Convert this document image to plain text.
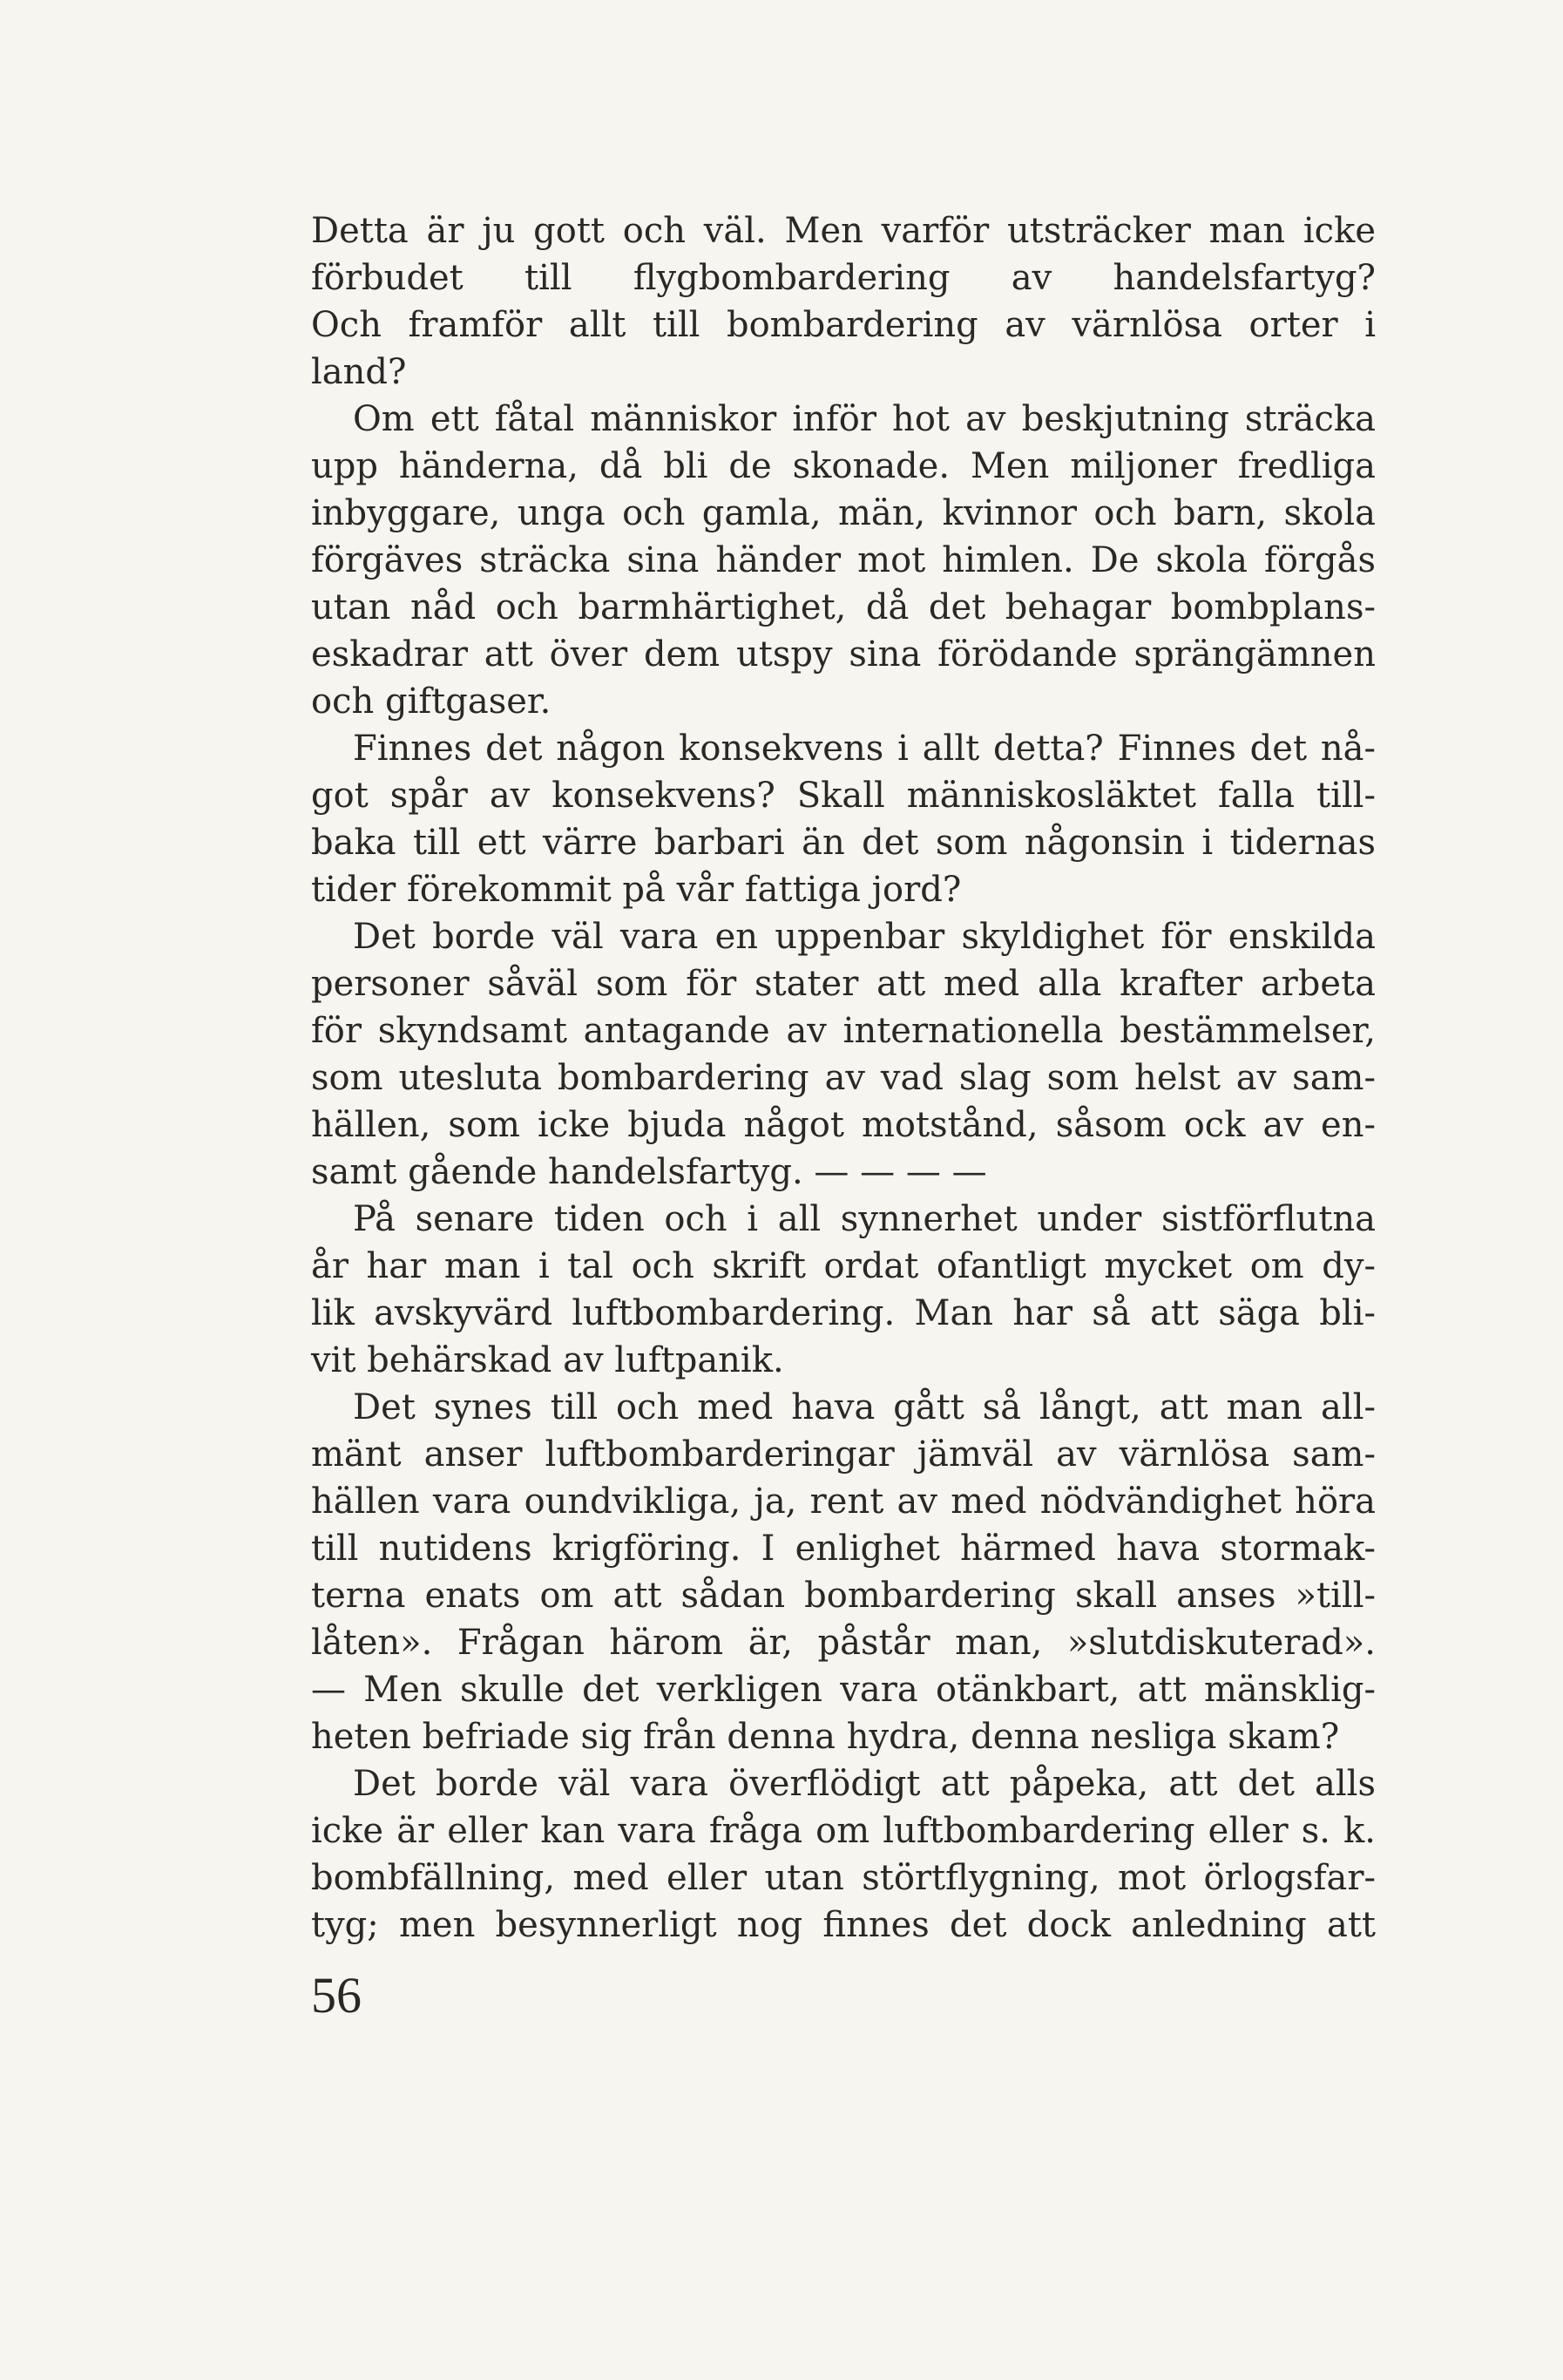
Detta är ju gott och väl. Men varför utsträcker man icke
förbudet till flygbombardering av handelsfartyg?
Och framför allt till bombardering av värnlösa orter i
land?
Om ett fåtal människor inför hot av beskjutning sträcka
upp händerna, då bli de skonade. Men miljoner fredliga
inbyggare, unga och gamla, män, kvinnor och barn, skola
förgäves sträcka sina händer mot himlen. De skola förgås
utan nåd och barmhärtighet, då det behagar bombplans-
eskadrar att över dem utspy sina förödande sprängämnen
och giftgaser.
Finnes det någon konsekvens i allt detta? Finnes det nå-
got spår av konsekvens? Skall människosläktet falla till-
baka till ett värre barbari än det som någonsin i tidernas
tider förekommit på vår fattiga jord?
Det borde väl vara en uppenbar skyldighet för enskilda
personer såväl som för stater att med alla krafter arbeta
för skyndsamt antagande av internationella bestämmelser,
som utesluta bombardering av vad slag som helst av sam-
hällen, som icke bjuda något motstånd, såsom ock av en-
samt gående handelsfartyg. — — — —
På senare tiden och i all synnerhet under sistförflutna
år har man i tal och skrift ordat ofantligt mycket om dy-
lik avskyvärd luftbombardering. Man har så att säga bli-
vit behärskad av luftpanik.
Det synes till och med hava gått så långt, att man all-
mänt anser luftbombarderingar jämväl av värnlösa sam-
hällen vara oundvikliga, ja, rent av med nödvändighet höra
till nutidens krigföring. I enlighet härmed hava stormak-
terna enats om att sådan bombardering skall anses »till-
låten». Frågan härom är, påstår man, »slutdiskuterad».
— Men skulle det verkligen vara otänkbart, att mänsklig-
heten befriade sig från denna hydra, denna nesliga skam?
Det borde väl vara överflödigt att påpeka, att det alls
icke är eller kan vara fråga om luftbombardering eller s. k.
bombfällning, med eller utan störtflygning, mot örlogsfar-
tyg; men besynnerligt nog finnes det dock anledning att
56
